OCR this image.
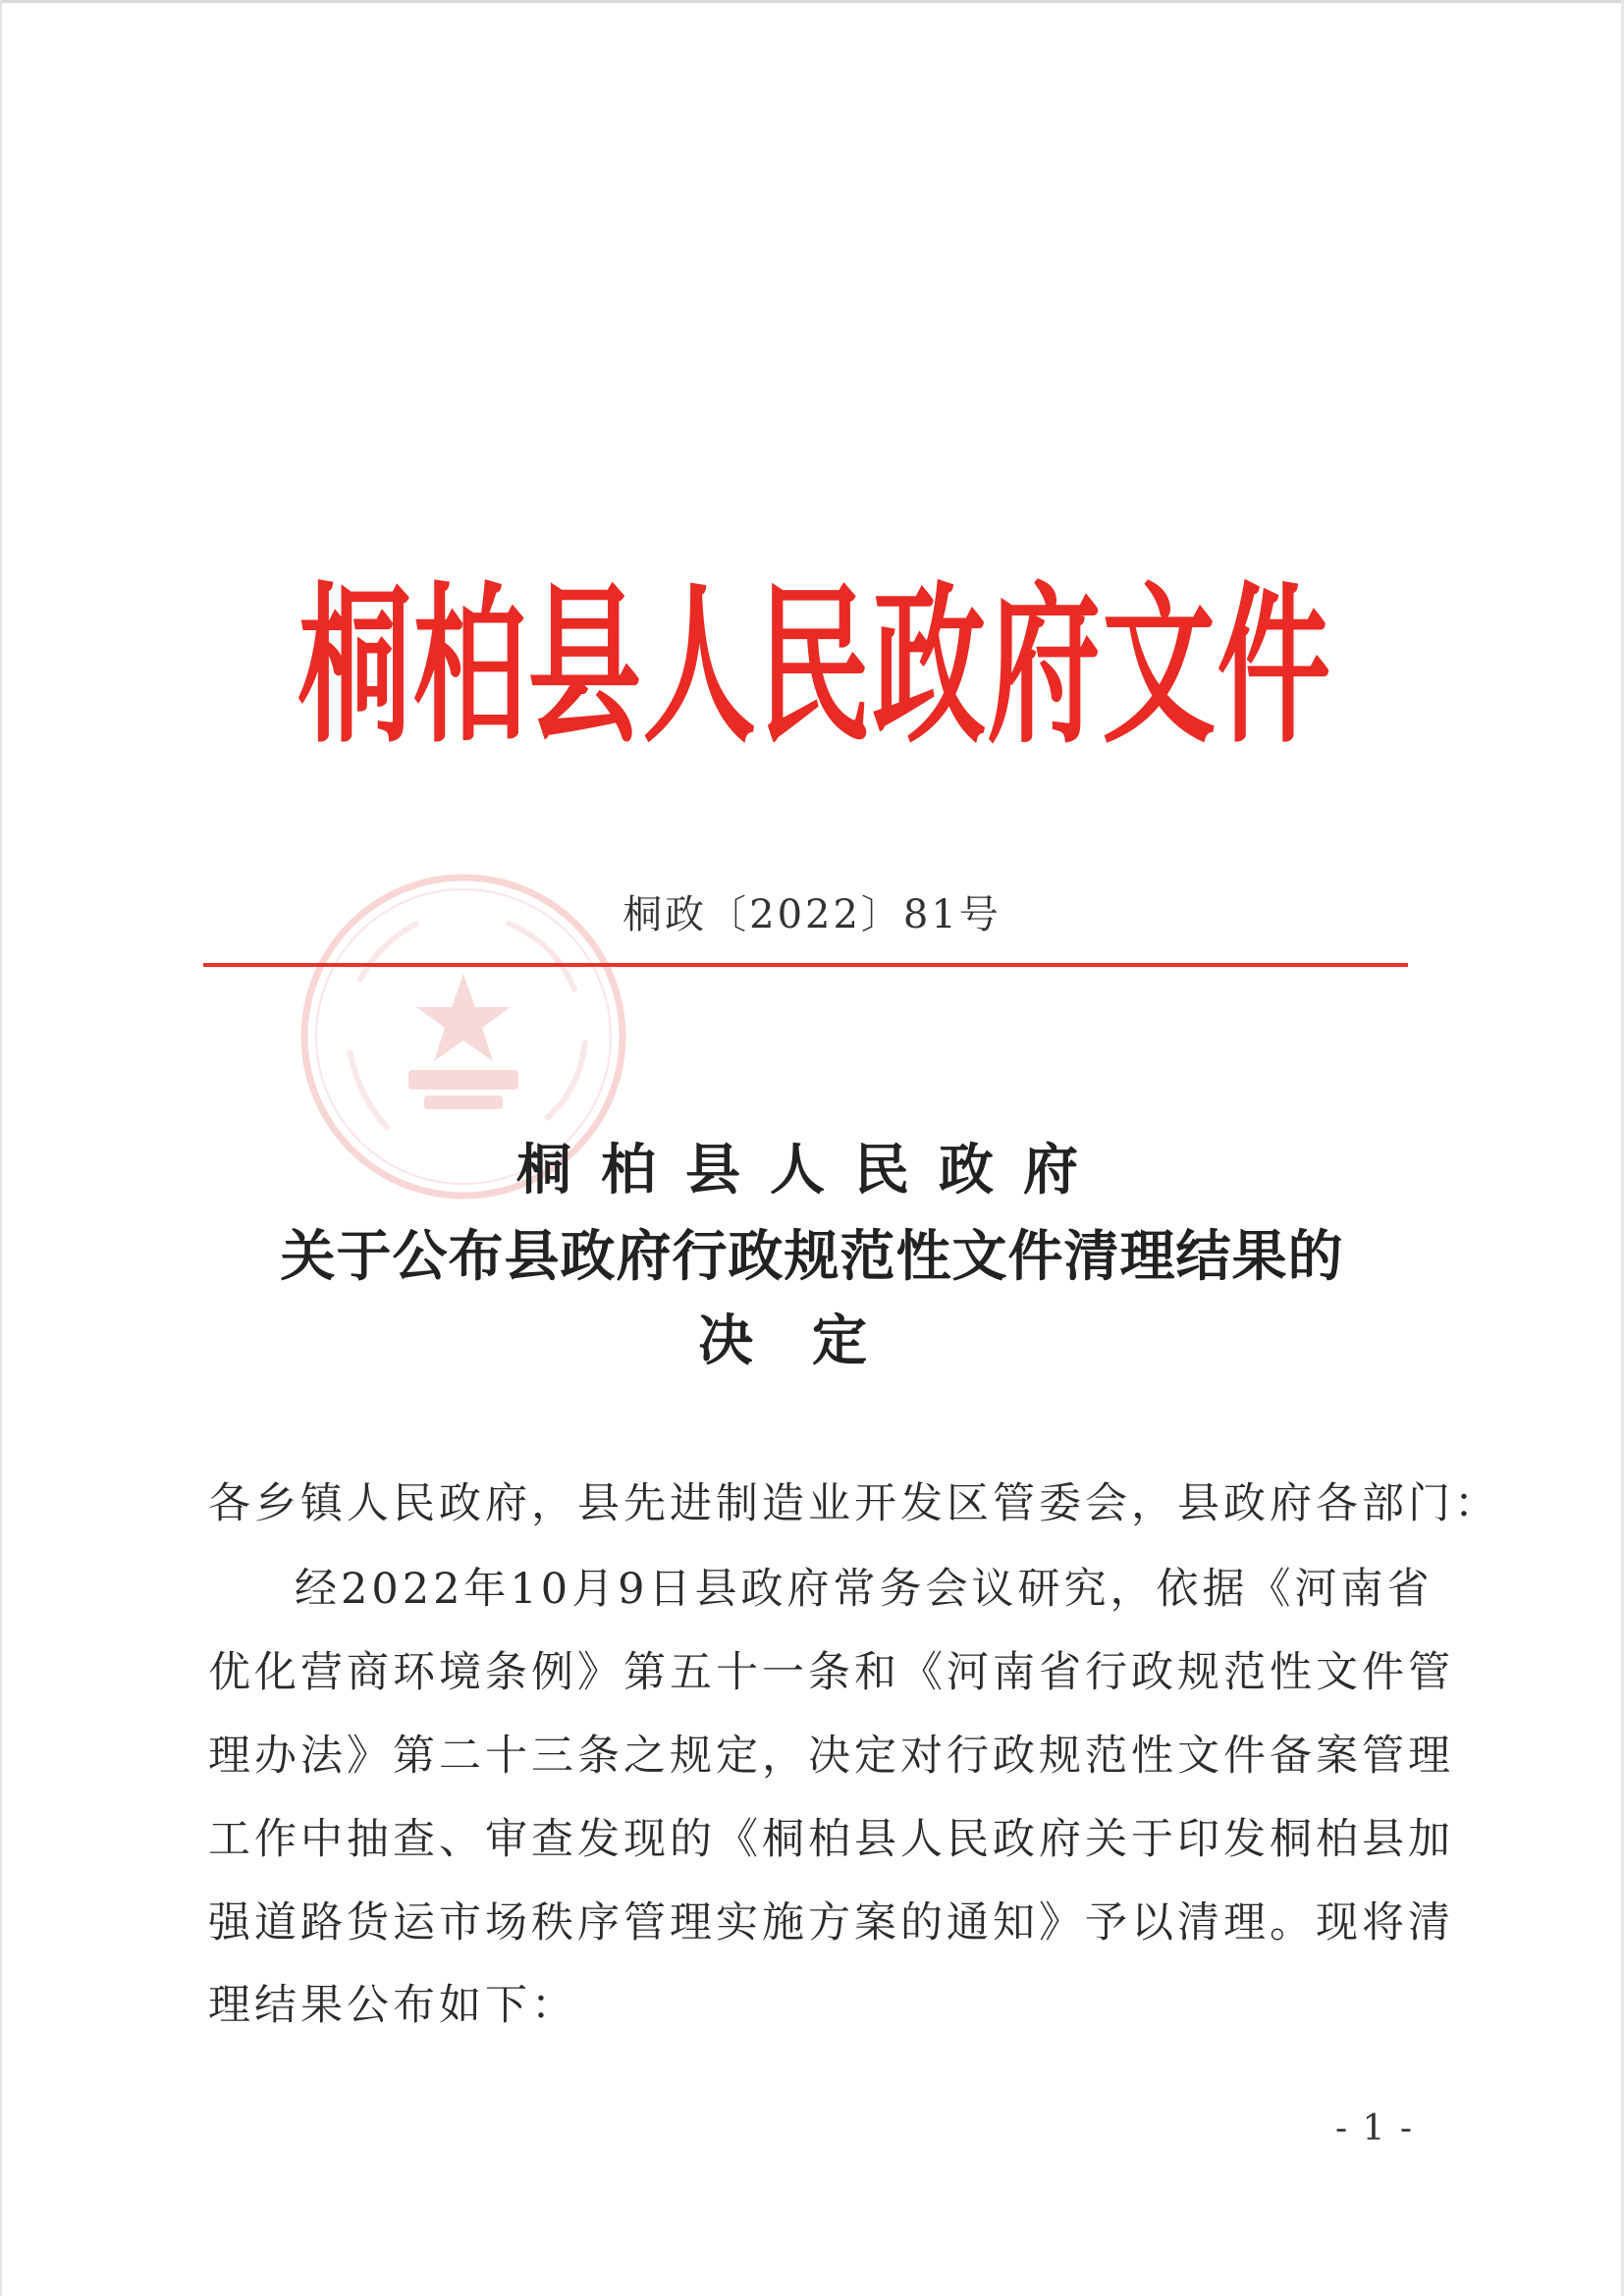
桐柏县人民政府文件
桐政〔2022〕81号
桐柏县人民政府
关于公布县政府行政规范性文件清理结果的
决定
各乡镇人民政府，县先进制造业开发区管委会，县政府各部门：
经2022年10月9日县政府常务会议研究，依据《河南省
优化营商环境条例》第五十一条和《河南省行政规范性文件管
理办法》第二十三条之规定，决定对行政规范性文件备案管理
工作中抽查、审查发现的《桐柏县人民政府关于印发桐柏县加
强道路货运市场秩序管理实施方案的通知》予以清理。现将清
理结果公布如下：
- 1 -
